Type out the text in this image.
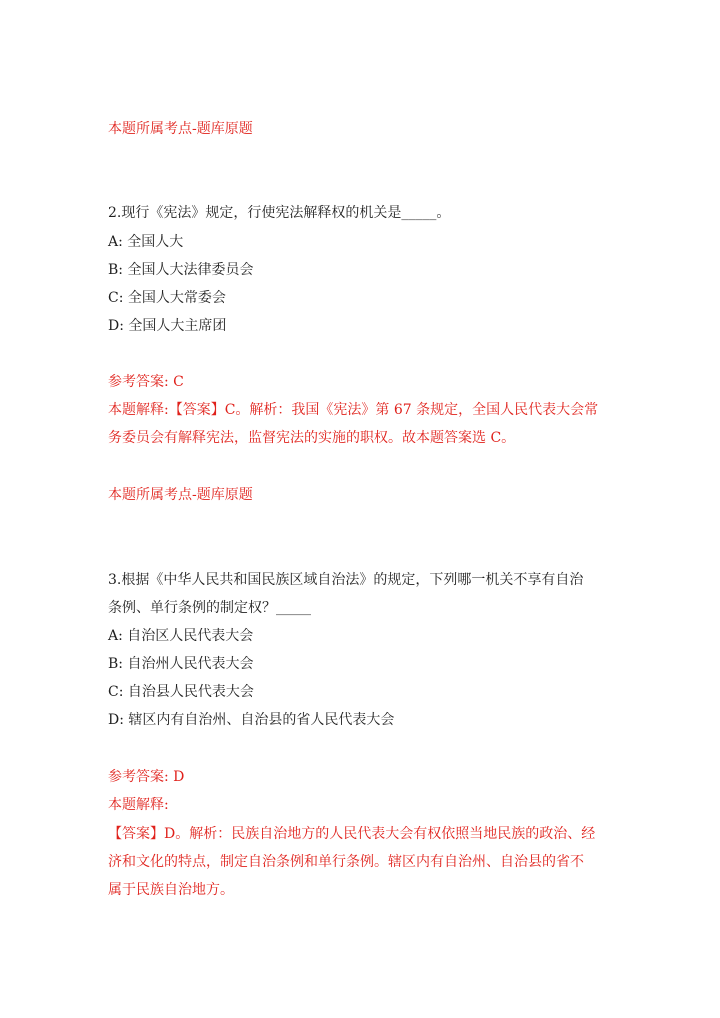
本题所属考点-题库原题
2.现行《宪法》规定，行使宪法解释权的机关是_____。
A: 全国人大
B: 全国人大法律委员会
C: 全国人大常委会
D: 全国人大主席团
参考答案: C
本题解释:【答案】C。解析：我国《宪法》第 67 条规定，全国人民代表大会常
务委员会有解释宪法，监督宪法的实施的职权。故本题答案选 C。
本题所属考点-题库原题
3.根据《中华人民共和国民族区域自治法》的规定，下列哪一机关不享有自治
条例、单行条例的制定权？_____
A: 自治区人民代表大会
B: 自治州人民代表大会
C: 自治县人民代表大会
D: 辖区内有自治州、自治县的省人民代表大会
参考答案: D
本题解释:
【答案】D。解析：民族自治地方的人民代表大会有权依照当地民族的政治、经
济和文化的特点，制定自治条例和单行条例。辖区内有自治州、自治县的省不
属于民族自治地方。
